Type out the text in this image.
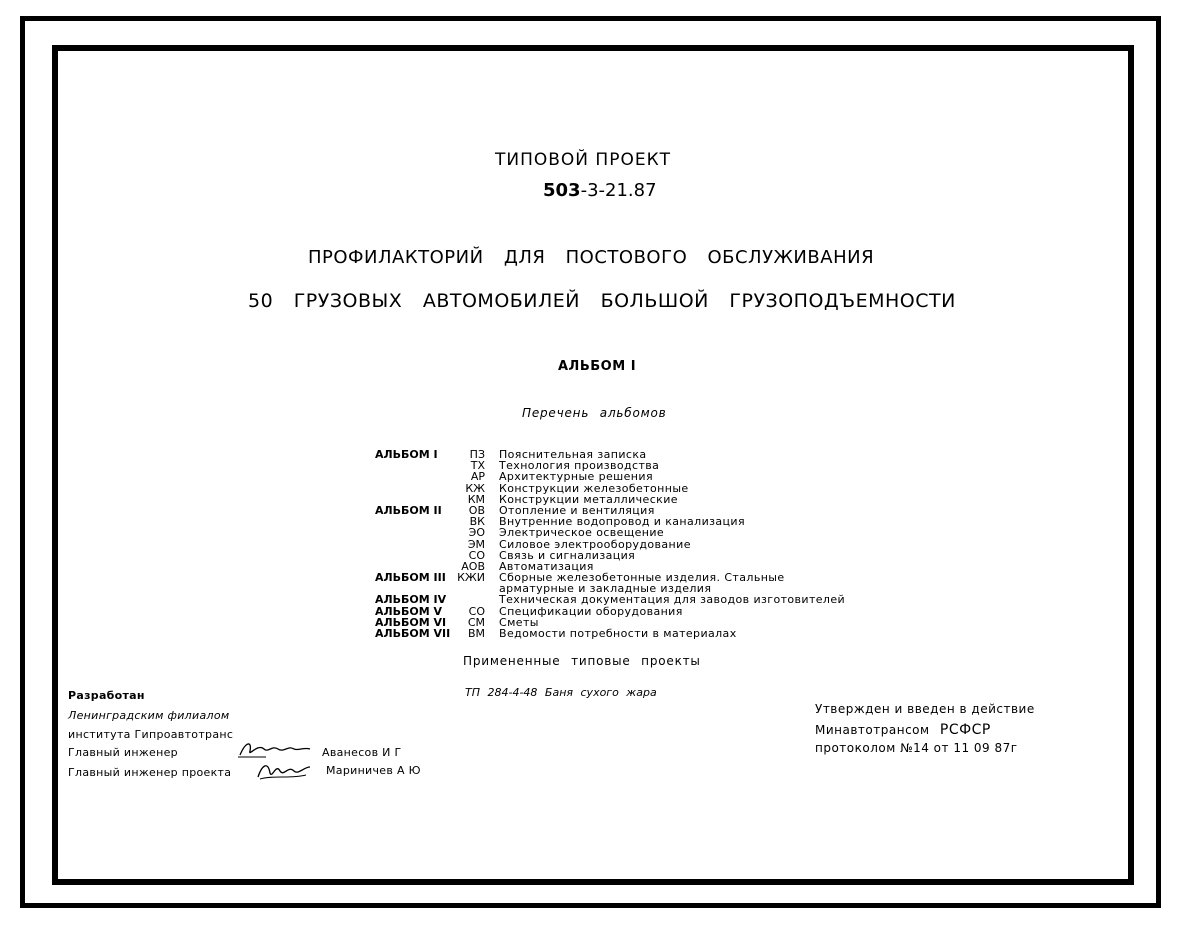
ТИПОВОЙ ПРОЕКТ
503-3-21.87
ПРОФИЛАКТОРИЙ ДЛЯ ПОСТОВОГО ОБСЛУЖИВАНИЯ
50 ГРУЗОВЫХ АВТОМОБИЛЕЙ БОЛЬШОЙ ГРУЗОПОДЪЕМНОСТИ
АЛЬБОМ I
Перечень альбомов
АЛЬБОМ I	ПЗ Пояснительная записка
ТХ Технология производства
АР Архитектурные решения
КЖ Конструкции железобетонные
КМ Конструкции металлические
АЛЬБОМ II ОВ Отопление и вентиляция
ВК Внутренние водопровод и канализация
ЭО Электрическое освещение
ЭМ Силовое электрооборудование
СО Связь и сигнализация
АОВ Автоматизация
АЛЬБОМ III КЖИ Сборные железобетонные изделия. Стальные
арматурные и закладные изделия
АЛЬБОМ IV	Техническая документация для заводов изготовителей
АЛЬБОМ V СО Спецификации оборудования
АЛЬБОМ VI СМ Сметы
АЛЬБОМ VII ВМ Ведомости потребности в материалах
Примененные типовые проекты
ТП 284-4-48 Баня сухого жара
Разработан
Ленинградским филиалом
института Гипроавтотранс
Главный инженер	Аванесов И Г
Главный инженер проекта	Мариничев А Ю
Утвержден и введен в действие
Минавтотрансом РСФСР
протоколом №14 от 11 09 87г
